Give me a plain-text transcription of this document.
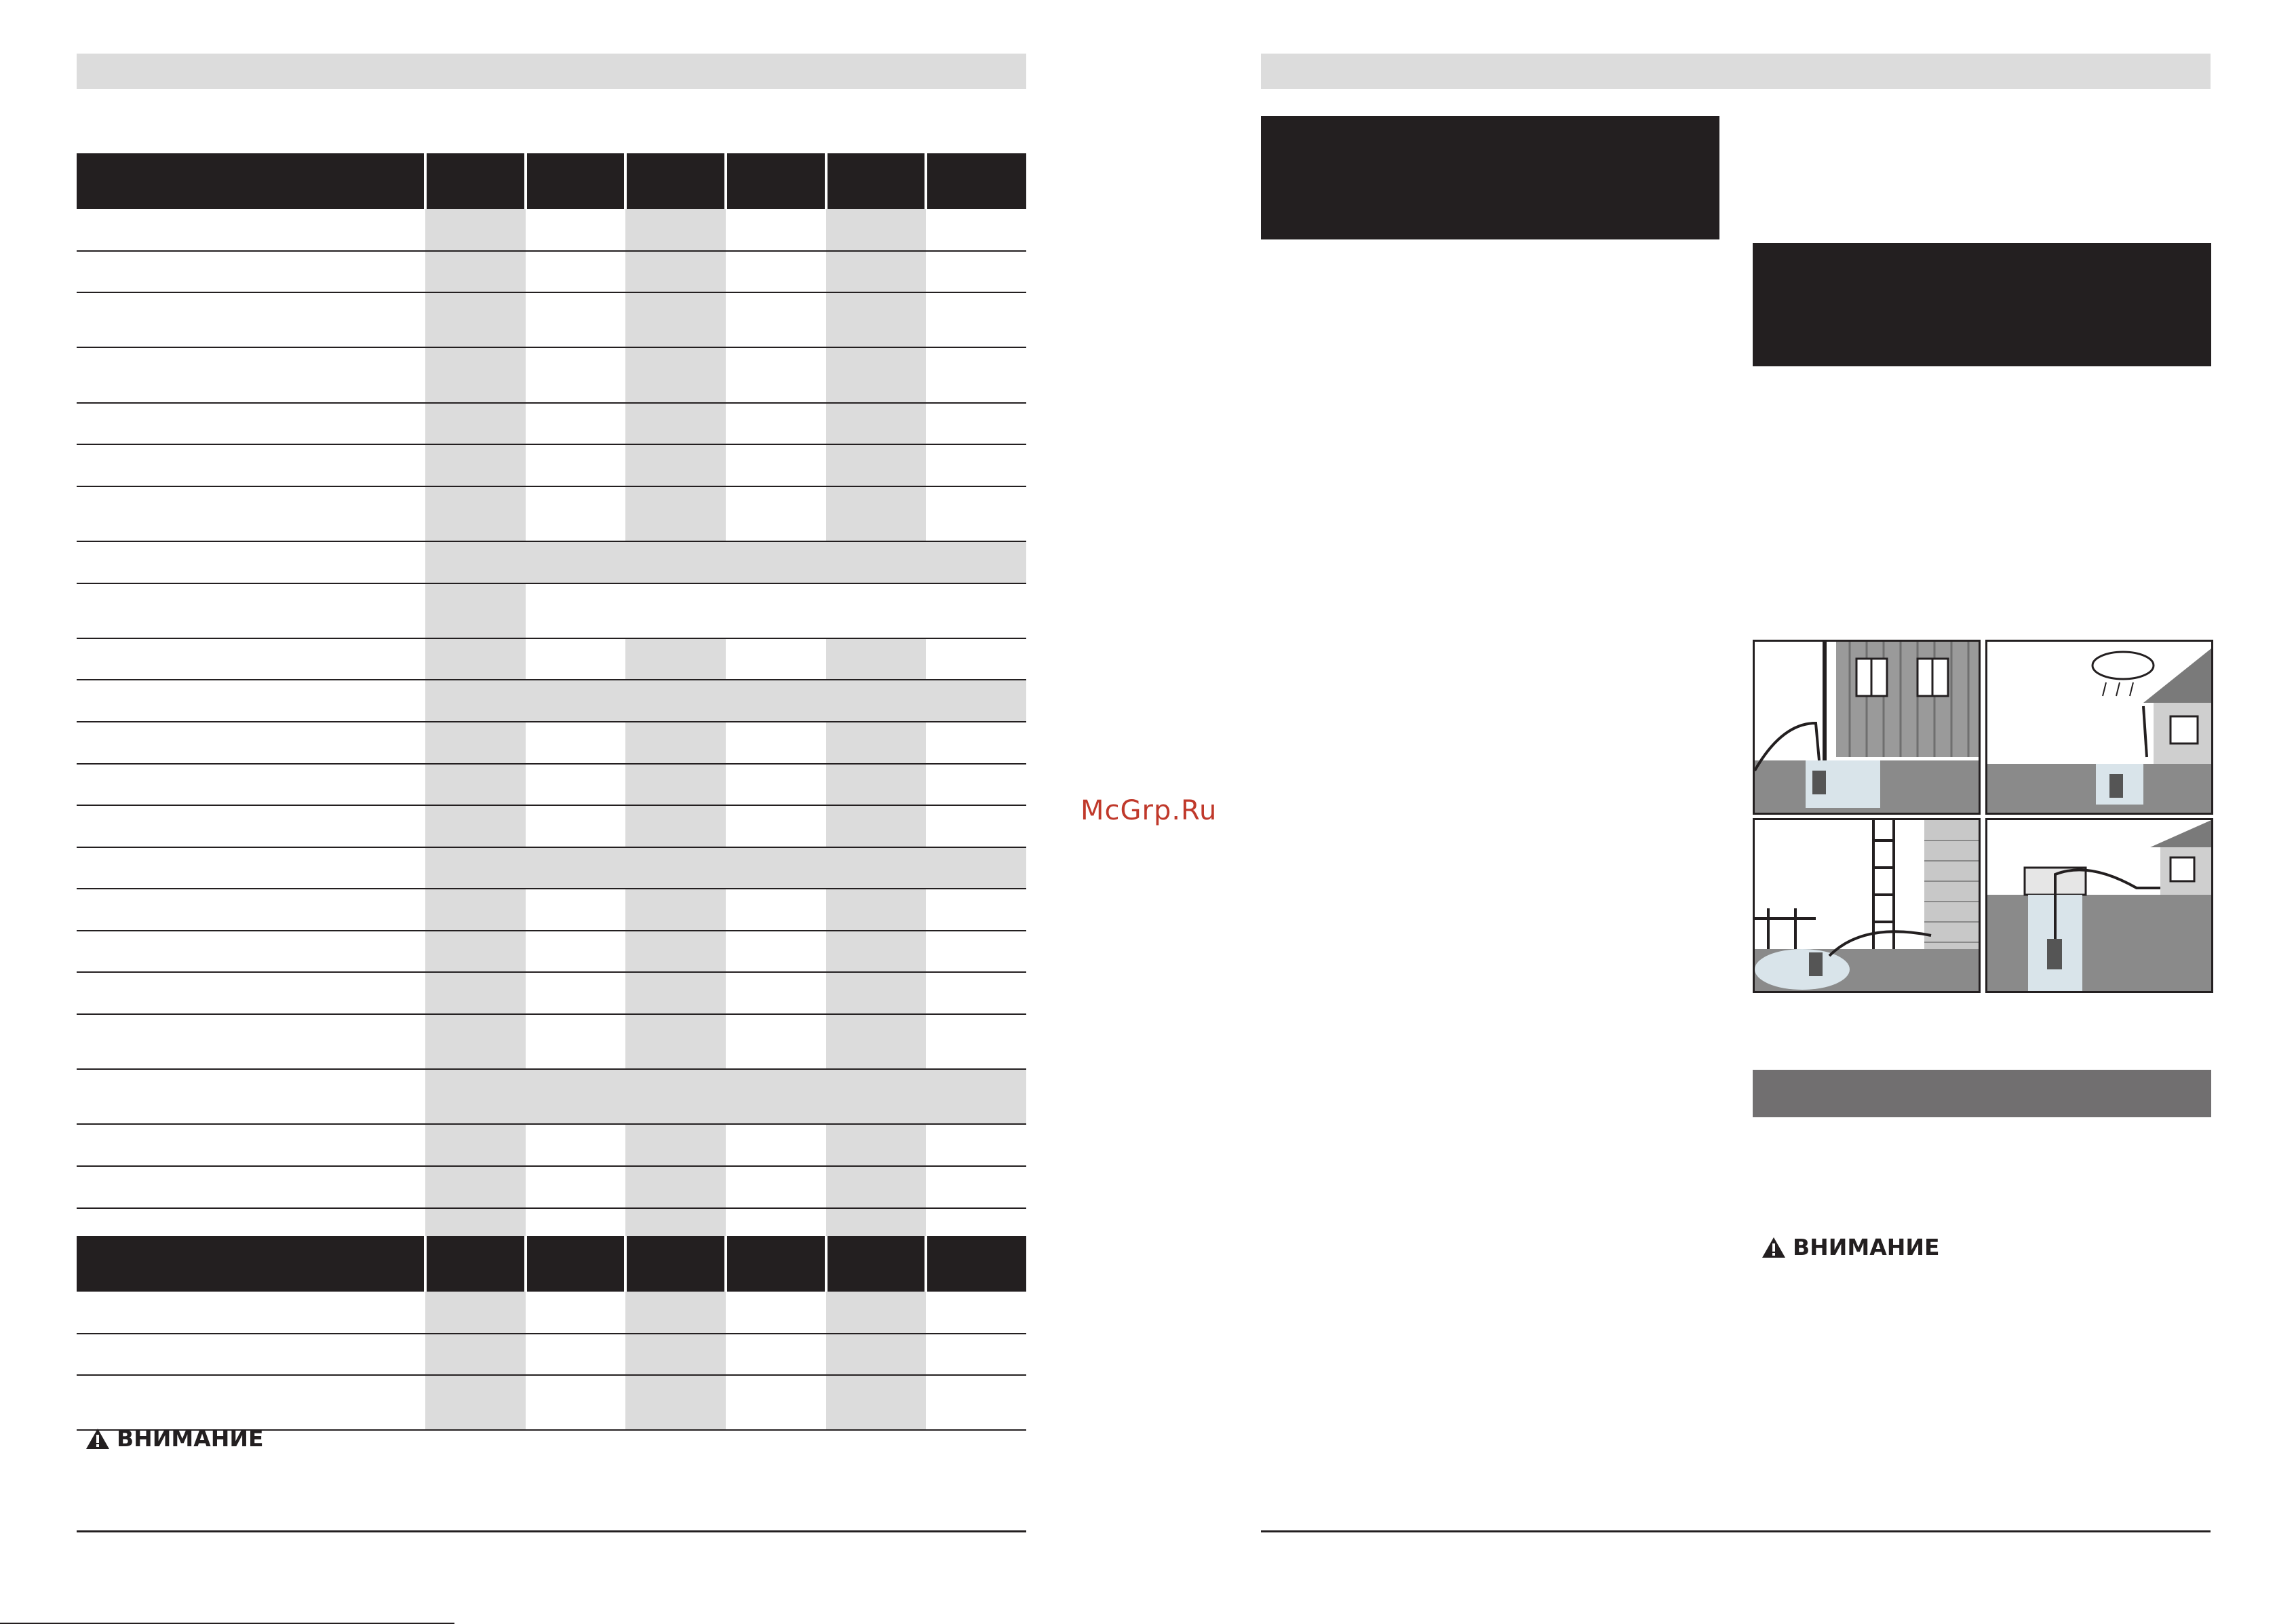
ВНИМАНИЕ
McGrp.Ru
ВНИМАНИЕ
